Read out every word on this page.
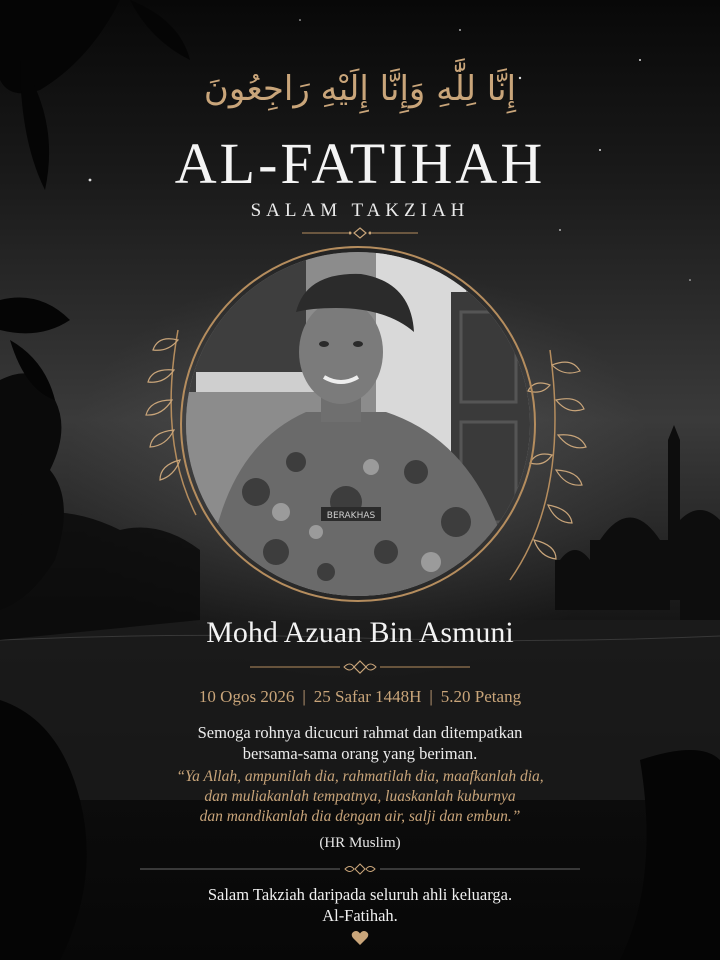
إِنَّا لِلَّٰهِ وَإِنَّا إِلَيْهِ رَاجِعُونَ
AL-FATIHAH
SALAM TAKZIAH
BERAKHAS
Mohd Azuan Bin Asmuni
10 Ogos 2026 | 25 Safar 1448H | 5.20 Petang
Semoga rohnya dicucuri rahmat dan ditempatkan
bersama-sama orang yang beriman.
“Ya Allah, ampunilah dia, rahmatilah dia, maafkanlah dia,
dan muliakanlah tempatnya, luaskanlah kuburnya
dan mandikanlah dia dengan air, salji dan embun.”
(HR Muslim)
Salam Takziah daripada seluruh ahli keluarga.
Al-Fatihah.
